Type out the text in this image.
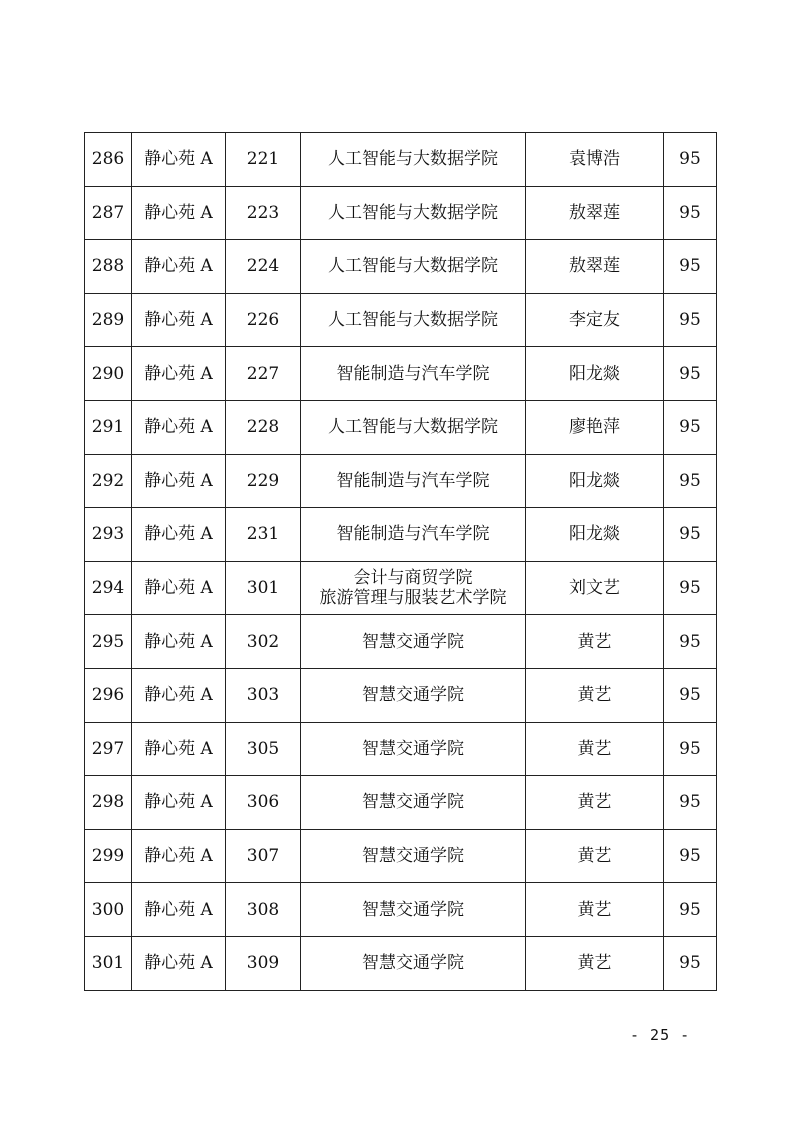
286	静心苑 A	221	人工智能与大数据学院	袁博浩	95
287	静心苑 A	223	人工智能与大数据学院	敖翠莲	95
288	静心苑 A	224	人工智能与大数据学院	敖翠莲	95
289	静心苑 A	226	人工智能与大数据学院	李定友	95
290	静心苑 A	227	智能制造与汽车学院	阳龙燚	95
291	静心苑 A	228	人工智能与大数据学院	廖艳萍	95
292	静心苑 A	229	智能制造与汽车学院	阳龙燚	95
293	静心苑 A	231	智能制造与汽车学院	阳龙燚	95
294	静心苑 A	301	会计与商贸学院
旅游管理与服装艺术学院	刘文艺	95
295	静心苑 A	302	智慧交通学院	黄艺	95
296	静心苑 A	303	智慧交通学院	黄艺	95
297	静心苑 A	305	智慧交通学院	黄艺	95
298	静心苑 A	306	智慧交通学院	黄艺	95
299	静心苑 A	307	智慧交通学院	黄艺	95
300	静心苑 A	308	智慧交通学院	黄艺	95
301	静心苑 A	309	智慧交通学院	黄艺	95
- 25 -
